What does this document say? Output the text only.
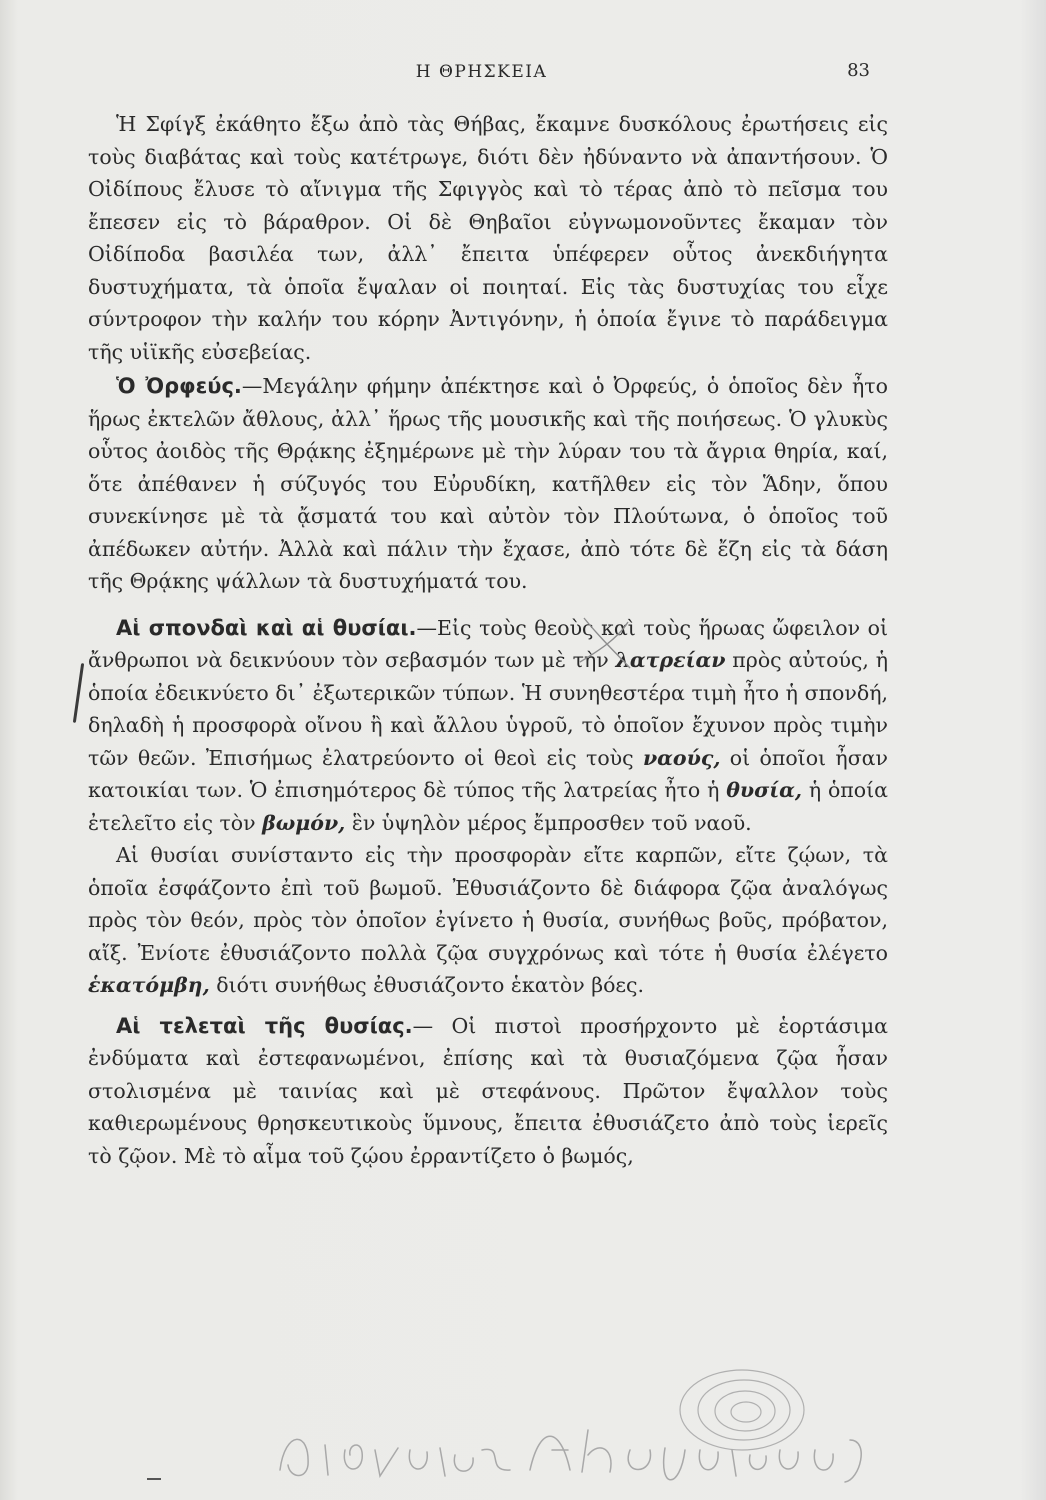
Η ΘΡΗΣΚΕΙΑ	83

Ἡ Σφίγξ ἐκάθητο ἔξω ἀπὸ τὰς Θήβας, ἔκαμνε δυσκόλους ἐρωτήσεις εἰς τοὺς διαβάτας καὶ τοὺς κατέτρωγε, διότι δὲν ἠδύναντο νὰ ἀπαντήσουν. Ὁ Οἰδίπους ἔλυσε τὸ αἴνιγμα τῆς Σφιγγὸς καὶ τὸ τέρας ἀπὸ τὸ πεῖσμα του ἔπεσεν εἰς τὸ βάραθρον. Οἱ δὲ Θηβαῖοι εὐγνωμονοῦντες ἔκαμαν τὸν Οἰδίποδα βασιλέα των, ἀλλ᾽ ἔπειτα ὑπέφερεν οὗτος ἀνεκδιήγητα δυστυχήματα, τὰ ὁποῖα ἔψαλαν οἱ ποιηταί. Εἰς τὰς δυστυχίας του εἶχε σύντροφον τὴν καλήν του κόρην Ἀντιγόνην, ἡ ὁποία ἔγινε τὸ παράδειγμα τῆς υἱϊκῆς εὐσεβείας.

Ὁ Ὀρφεύς.—Μεγάλην φήμην ἀπέκτησε καὶ ὁ Ὀρφεύς, ὁ ὁποῖος δὲν ἦτο ἥρως ἐκτελῶν ἄθλους, ἀλλ᾽ ἥρως τῆς μουσικῆς καὶ τῆς ποιήσεως. Ὁ γλυκὺς οὗτος ἀοιδὸς τῆς Θρᾴκης ἐξημέρωνε μὲ τὴν λύραν του τὰ ἄγρια θηρία, καί, ὅτε ἀπέθανεν ἡ σύζυγός του Εὐρυδίκη, κατῆλθεν εἰς τὸν Ἅδην, ὅπου συνεκίνησε μὲ τὰ ᾄσματά του καὶ αὐτὸν τὸν Πλούτωνα, ὁ ὁποῖος τοῦ ἀπέδωκεν αὐτήν. Ἀλλὰ καὶ πάλιν τὴν ἔχασε, ἀπὸ τότε δὲ ἔζη εἰς τὰ δάση τῆς Θρᾴκης ψάλλων τὰ δυστυχήματά του.

Αἱ σπονδαὶ καὶ αἱ θυσίαι.—Εἰς τοὺς θεοὺς καὶ τοὺς ἥρωας ὤφειλον οἱ ἄνθρωποι νὰ δεικνύουν τὸν σεβασμόν των μὲ τὴν λατρείαν πρὸς αὐτούς, ἡ ὁποία ἐδεικνύετο δι᾽ ἐξωτερικῶν τύπων. Ἡ συνηθεστέρα τιμὴ ἦτο ἡ σπονδή, δηλαδὴ ἡ προσφορὰ οἴνου ἢ καὶ ἄλλου ὑγροῦ, τὸ ὁποῖον ἔχυνον πρὸς τιμὴν τῶν θεῶν. Ἐπισήμως ἐλατρεύοντο οἱ θεοὶ εἰς τοὺς ναούς, οἱ ὁποῖοι ἦσαν κατοικίαι των. Ὁ ἐπισημότερος δὲ τύπος τῆς λατρείας ἦτο ἡ θυσία, ἡ ὁποία ἐτελεῖτο εἰς τὸν βωμόν, ἓν ὑψηλὸν μέρος ἔμπροσθεν τοῦ ναοῦ.

Αἱ θυσίαι συνίσταντο εἰς τὴν προσφορὰν εἴτε καρπῶν, εἴτε ζῴων, τὰ ὁποῖα ἐσφάζοντο ἐπὶ τοῦ βωμοῦ. Ἐθυσιάζοντο δὲ διάφορα ζῷα ἀναλόγως πρὸς τὸν θεόν, πρὸς τὸν ὁποῖον ἐγίνετο ἡ θυσία, συνήθως βοῦς, πρόβατον, αἴξ. Ἐνίοτε ἐθυσιάζοντο πολλὰ ζῷα συγχρόνως καὶ τότε ἡ θυσία ἐλέγετο ἑκατόμβη, διότι συνήθως ἐθυσιάζοντο ἑκατὸν βόες.

Αἱ τελεταὶ τῆς θυσίας.— Οἱ πιστοὶ προσήρχοντο μὲ ἑορτάσιμα ἐνδύματα καὶ ἐστεφανωμένοι, ἐπίσης καὶ τὰ θυσιαζόμενα ζῷα ἦσαν στολισμένα μὲ ταινίας καὶ μὲ στεφάνους. Πρῶτον ἔψαλλον τοὺς καθιερωμένους θρησκευτικοὺς ὕμνους, ἔπειτα ἐθυσιάζετο ἀπὸ τοὺς ἱερεῖς τὸ ζῷον. Μὲ τὸ αἷμα τοῦ ζῴου ἐρραντίζετο ὁ βωμός,
